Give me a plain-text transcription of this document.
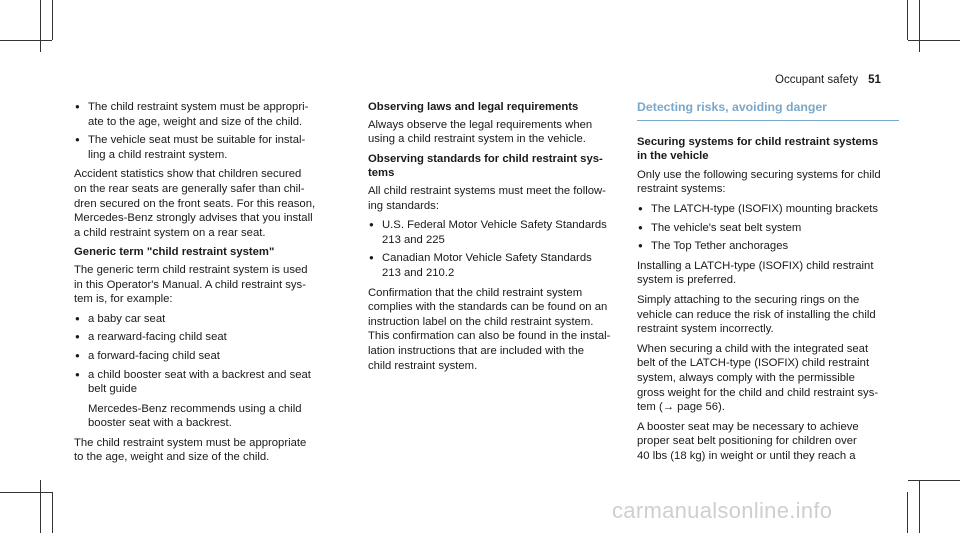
Occupant safety 51
● The child restraint system must be appropri-
ate to the age, weight and size of the child.
● The vehicle seat must be suitable for instal-
ling a child restraint system.

Accident statistics show that children secured
on the rear seats are generally safer than chil-
dren secured on the front seats. For this reason,
Mercedes-Benz strongly advises that you install
a child restraint system on a rear seat.

Generic term "child restraint system"

The generic term child restraint system is used
in this Operator's Manual. A child restraint sys-
tem is, for example:

● a baby car seat
● a rearward-facing child seat
● a forward-facing child seat
● a child booster seat with a backrest and seat
belt guide

Mercedes-Benz recommends using a child
booster seat with a backrest.

The child restraint system must be appropriate
to the age, weight and size of the child.

Observing laws and legal requirements

Always observe the legal requirements when
using a child restraint system in the vehicle.

Observing standards for child restraint sys-
tems

All child restraint systems must meet the follow-
ing standards:

● U.S. Federal Motor Vehicle Safety Standards
213 and 225
● Canadian Motor Vehicle Safety Standards
213 and 210.2

Confirmation that the child restraint system
complies with the standards can be found on an
instruction label on the child restraint system.
This confirmation can also be found in the instal-
lation instructions that are included with the
child restraint system.

Detecting risks, avoiding danger

Securing systems for child restraint systems
in the vehicle

Only use the following securing systems for child
restraint systems:

● The LATCH-type (ISOFIX) mounting brackets
● The vehicle's seat belt system
● The Top Tether anchorages

Installing a LATCH-type (ISOFIX) child restraint
system is preferred.

Simply attaching to the securing rings on the
vehicle can reduce the risk of installing the child
restraint system incorrectly.

When securing a child with the integrated seat
belt of the LATCH-type (ISOFIX) child restraint
system, always comply with the permissible
gross weight for the child and child restraint sys-
tem (→ page 56).

A booster seat may be necessary to achieve
proper seat belt positioning for children over
40 lbs (18 kg) in weight or until they reach a

carmanualsonline.info
